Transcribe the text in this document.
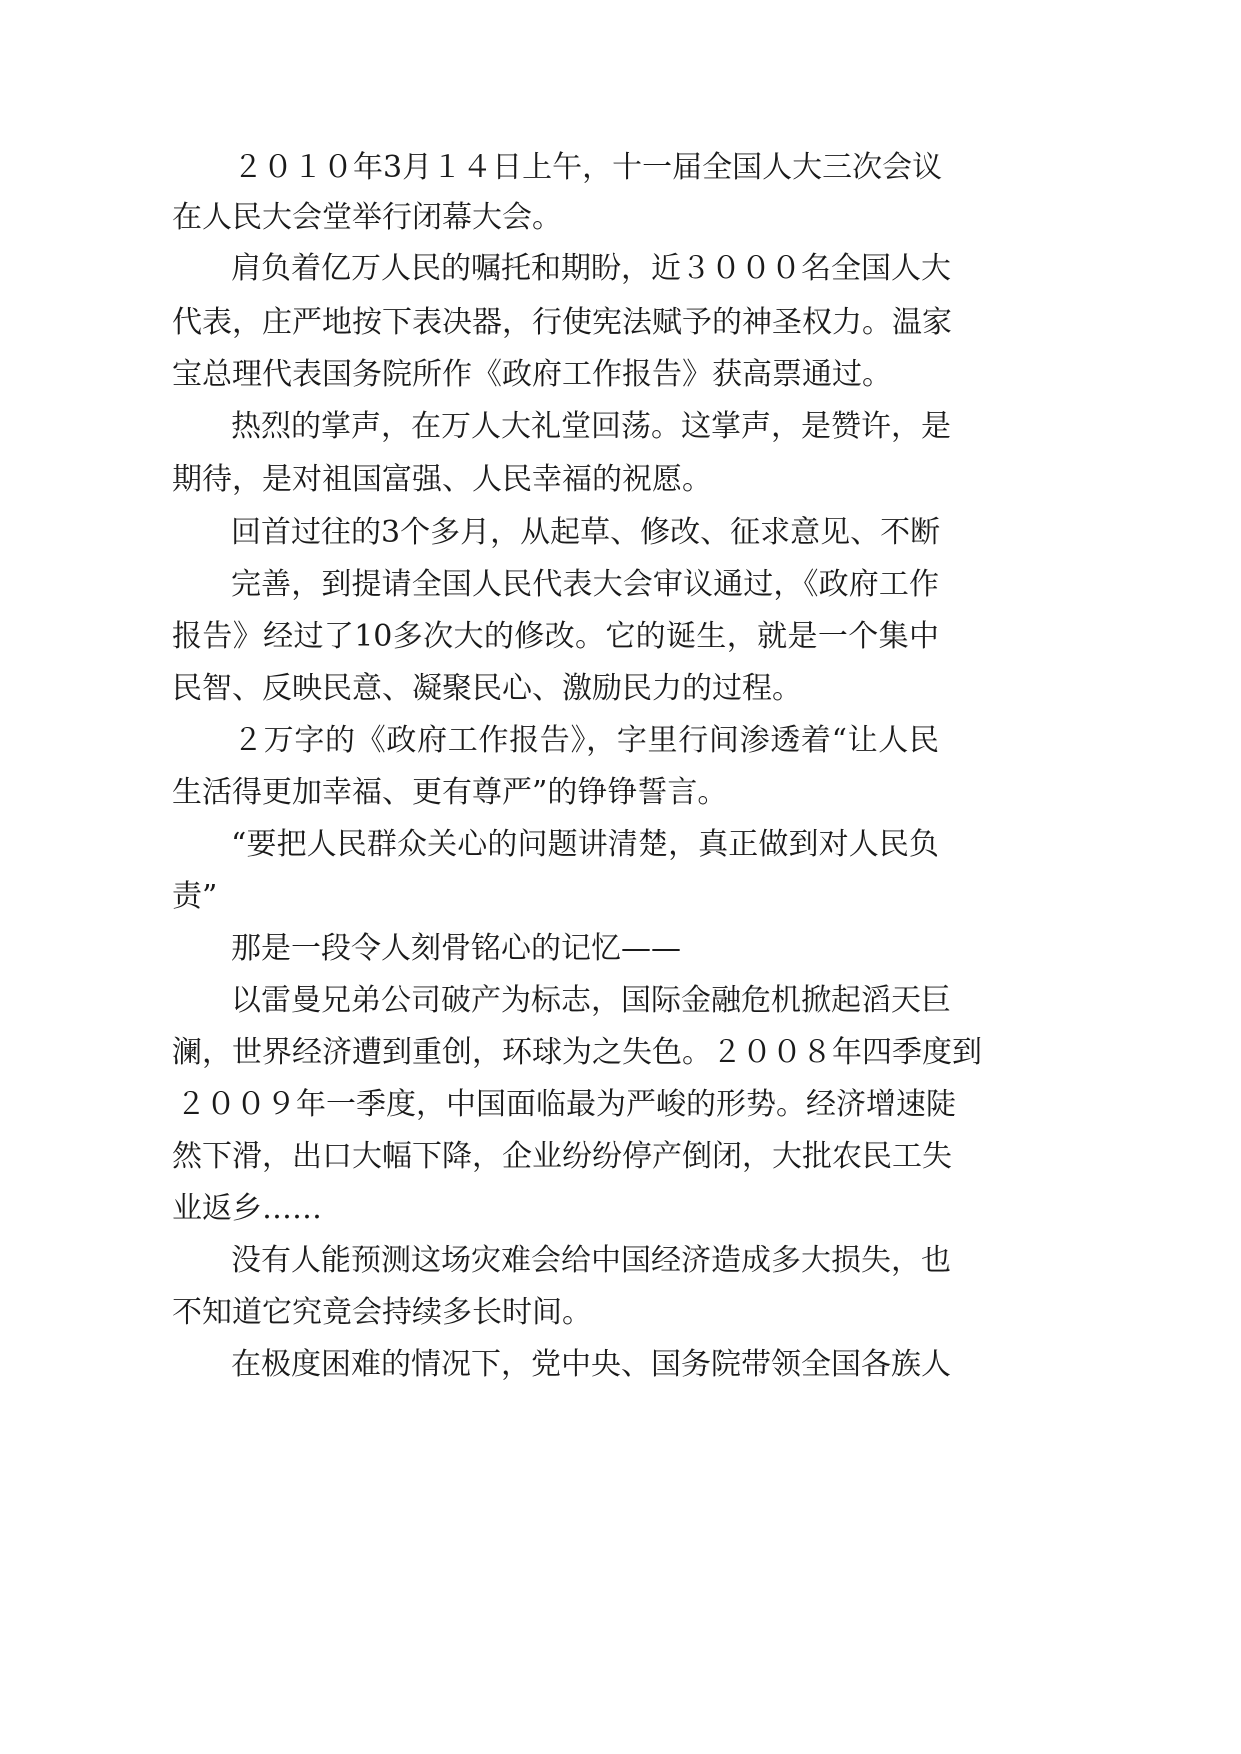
２０１０年3月１４日上午，十一届全国人大三次会议
在人民大会堂举行闭幕大会。
肩负着亿万人民的嘱托和期盼，近３０００名全国人大
代表，庄严地按下表决器，行使宪法赋予的神圣权力。温家
宝总理代表国务院所作《政府工作报告》获高票通过。
热烈的掌声，在万人大礼堂回荡。这掌声，是赞许，是
期待，是对祖国富强、人民幸福的祝愿。
回首过往的3个多月，从起草、修改、征求意见、不断
完善，到提请全国人民代表大会审议通过，《政府工作
报告》经过了10多次大的修改。它的诞生，就是一个集中
民智、反映民意、凝聚民心、激励民力的过程。
２万字的《政府工作报告》，字里行间渗透着“让人民
生活得更加幸福、更有尊严”的铮铮誓言。
“要把人民群众关心的问题讲清楚，真正做到对人民负
责”
那是一段令人刻骨铭心的记忆——
以雷曼兄弟公司破产为标志，国际金融危机掀起滔天巨
澜，世界经济遭到重创，环球为之失色。２００８年四季度到
２００９年一季度，中国面临最为严峻的形势。经济增速陡
然下滑，出口大幅下降，企业纷纷停产倒闭，大批农民工失
业返乡……
没有人能预测这场灾难会给中国经济造成多大损失，也
不知道它究竟会持续多长时间。
在极度困难的情况下，党中央、国务院带领全国各族人
